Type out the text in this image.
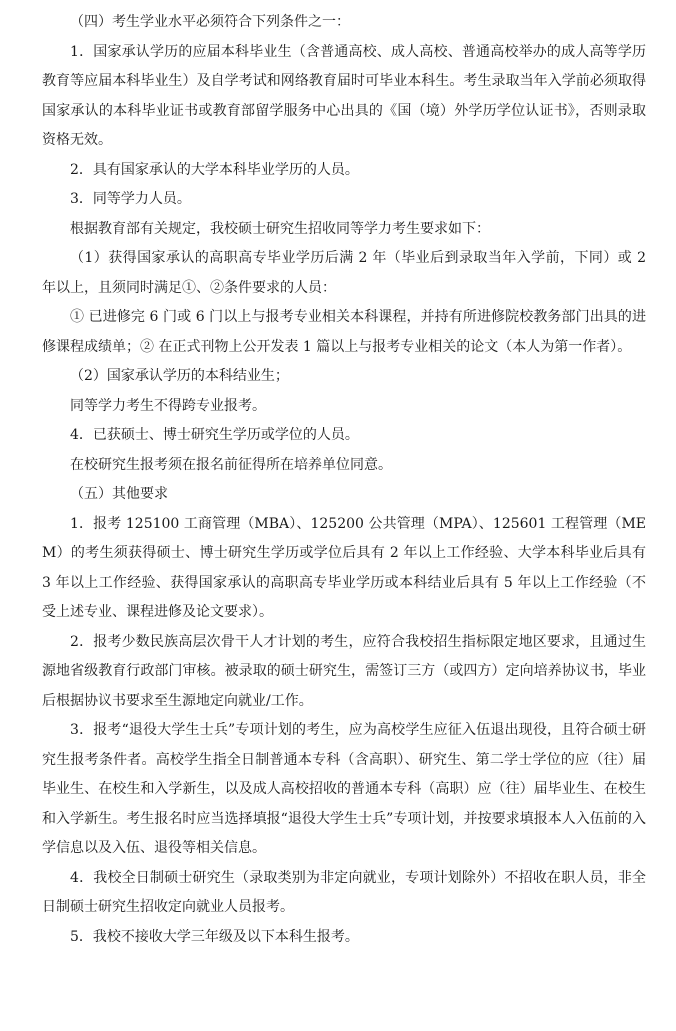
（四）考生学业水平必须符合下列条件之一：

1．国家承认学历的应届本科毕业生（含普通高校、成人高校、普通高校举办的成人高等学历教育等应届本科毕业生）及自学考试和网络教育届时可毕业本科生。考生录取当年入学前必须取得国家承认的本科毕业证书或教育部留学服务中心出具的《国（境）外学历学位认证书》，否则录取资格无效。

2．具有国家承认的大学本科毕业学历的人员。

3．同等学力人员。

根据教育部有关规定，我校硕士研究生招收同等学力考生要求如下：

（1）获得国家承认的高职高专毕业学历后满 2 年（毕业后到录取当年入学前，下同）或 2 年以上，且须同时满足①、②条件要求的人员：

① 已进修完 6 门或 6 门以上与报考专业相关本科课程，并持有所进修院校教务部门出具的进修课程成绩单；② 在正式刊物上公开发表 1 篇以上与报考专业相关的论文（本人为第一作者）。

（2）国家承认学历的本科结业生；

同等学力考生不得跨专业报考。

4．已获硕士、博士研究生学历或学位的人员。

在校研究生报考须在报名前征得所在培养单位同意。

（五）其他要求

1．报考 125100 工商管理（MBA）、125200 公共管理（MPA）、125601 工程管理（MEM）的考生须获得硕士、博士研究生学历或学位后具有 2 年以上工作经验、大学本科毕业后具有 3 年以上工作经验、获得国家承认的高职高专毕业学历或本科结业后具有 5 年以上工作经验（不受上述专业、课程进修及论文要求）。

2．报考少数民族高层次骨干人才计划的考生，应符合我校招生指标限定地区要求，且通过生源地省级教育行政部门审核。被录取的硕士研究生，需签订三方（或四方）定向培养协议书，毕业后根据协议书要求至生源地定向就业/工作。

3．报考“退役大学生士兵”专项计划的考生，应为高校学生应征入伍退出现役，且符合硕士研究生报考条件者。高校学生指全日制普通本专科（含高职）、研究生、第二学士学位的应（往）届毕业生、在校生和入学新生，以及成人高校招收的普通本专科（高职）应（往）届毕业生、在校生和入学新生。考生报名时应当选择填报“退役大学生士兵”专项计划，并按要求填报本人入伍前的入学信息以及入伍、退役等相关信息。

4．我校全日制硕士研究生（录取类别为非定向就业，专项计划除外）不招收在职人员，非全日制硕士研究生招收定向就业人员报考。

5．我校不接收大学三年级及以下本科生报考。
